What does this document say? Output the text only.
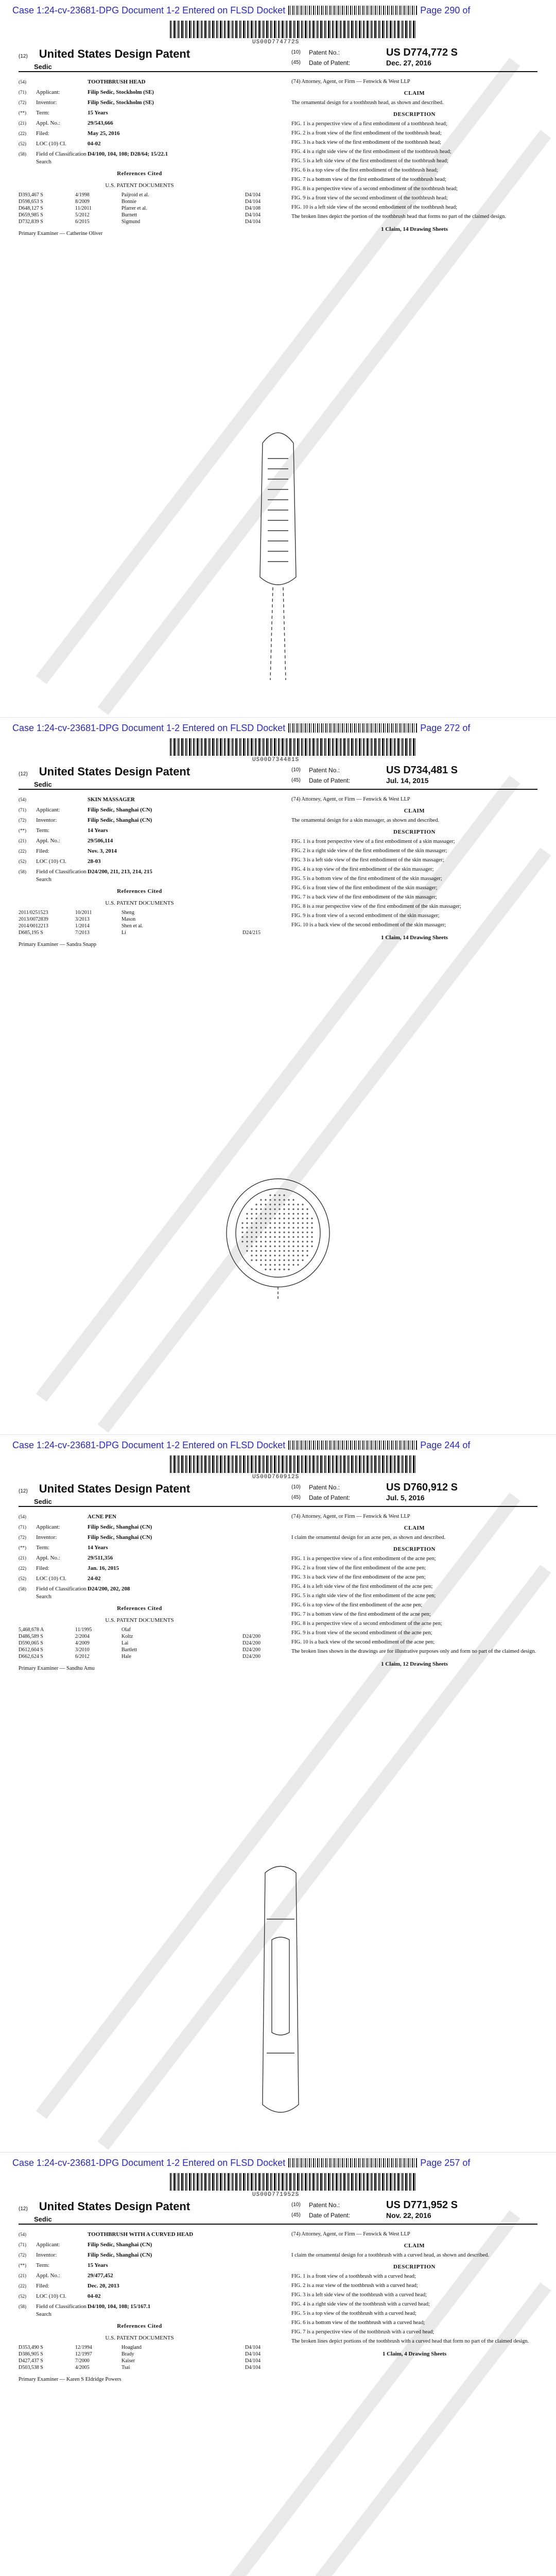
Case 1:24-cv-23681-DPG Document 1-2 Entered on FLSD Docket	Page 290 of
US00D774772S
(12) United States Design Patent
Sedic
(10)	Patent No.:	US D774,772 S
(45)	Date of Patent:	Dec. 27, 2016
(54)	TOOTHBRUSH HEAD
(71)	Applicant:	Filip Sedic, Stockholm (SE)
(72)	Inventor:	Filip Sedic, Stockholm (SE)
(**)	Term:	15 Years
(21)	Appl. No.:	29/543,666
(22)	Filed:	May 25, 2016
(52)	LOC (10) Cl.	04-02
(58)	Field of Classification Search
D4/100, 104, 108; D28/64; 15/22.1
References Cited
U.S. PATENT DOCUMENTS
D393,467 S	4/1998	Paijroid et al.	D4/104
D598,653 S	8/2009	Bonnie	D4/104
D648,127 S	11/2011	Pfarrer et al.	D4/108
D659,985 S	5/2012	Burnett	D4/104
D732,839 S	6/2015	Sigmund	D4/104
Primary Examiner — Catherine Oliver
(74) Attorney, Agent, or Firm — Fenwick & West LLP
CLAIM
The ornamental design for a toothbrush head, as shown and described.
DESCRIPTION
FIG. 1 is a perspective view of a first embodiment of a toothbrush head;
FIG. 2 is a front view of the first embodiment of the toothbrush head;
FIG. 3 is a back view of the first embodiment of the toothbrush head;
FIG. 4 is a right side view of the first embodiment of the toothbrush head;
FIG. 5 is a left side view of the first embodiment of the toothbrush head;
FIG. 6 is a top view of the first embodiment of the toothbrush head;
FIG. 7 is a bottom view of the first embodiment of the toothbrush head;
FIG. 8 is a perspective view of a second embodiment of the toothbrush head;
FIG. 9 is a front view of the second embodiment of the toothbrush head;
FIG. 10 is a left side view of the second embodiment of the toothbrush head;
The broken lines depict the portion of the toothbrush head that forms no part of the claimed design.
1 Claim, 14 Drawing Sheets
Case 1:24-cv-23681-DPG Document 1-2 Entered on FLSD Docket	Page 272 of
US00D734481S
(12) United States Design Patent
Sedic
(10)	Patent No.:	US D734,481 S
(45)	Date of Patent:	Jul. 14, 2015
(54)	SKIN MASSAGER
(71)	Applicant:	Filip Sedic, Shanghai (CN)
(72)	Inventor:	Filip Sedic, Shanghai (CN)
(**)	Term:	14 Years
(21)	Appl. No.:	29/506,114
(22)	Filed:	Nov. 3, 2014
(52)	LOC (10) Cl.	28-03
(58)	Field of Classification Search
D24/200, 211, 213, 214, 215
References Cited
U.S. PATENT DOCUMENTS
2011/0251523	10/2011	Sheng
2013/0072839	3/2013	Mason
2014/0012213	1/2014	Shen et al.
D685,195 S	7/2013	Li	D24/215
Primary Examiner — Sandra Snapp
(74) Attorney, Agent, or Firm — Fenwick & West LLP
CLAIM
The ornamental design for a skin massager, as shown and described.
DESCRIPTION
FIG. 1 is a front perspective view of a first embodiment of a skin massager;
FIG. 2 is a right side view of the first embodiment of the skin massager;
FIG. 3 is a left side view of the first embodiment of the skin massager;
FIG. 4 is a top view of the first embodiment of the skin massager;
FIG. 5 is a bottom view of the first embodiment of the skin massager;
FIG. 6 is a front view of the first embodiment of the skin massager;
FIG. 7 is a back view of the first embodiment of the skin massager;
FIG. 8 is a rear perspective view of the first embodiment of the skin massager;
FIG. 9 is a front view of a second embodiment of the skin massager;
FIG. 10 is a back view of the second embodiment of the skin massager;
1 Claim, 14 Drawing Sheets
Case 1:24-cv-23681-DPG Document 1-2 Entered on FLSD Docket	Page 244 of
US00D760912S
(12) United States Design Patent
Sedic
(10)	Patent No.:	US D760,912 S
(45)	Date of Patent:	Jul. 5, 2016
(54)	ACNE PEN
(71)	Applicant:	Filip Sedic, Shanghai (CN)
(72)	Inventor:	Filip Sedic, Shanghai (CN)
(**)	Term:	14 Years
(21)	Appl. No.:	29/511,356
(22)	Filed:	Jan. 16, 2015
(52)	LOC (10) Cl.	24-02
(58)	Field of Classification Search
D24/200, 202, 208
References Cited
U.S. PATENT DOCUMENTS
5,468,678 A	11/1995	Olaf
D486,589 S	2/2004	Koltz	D24/200
D590,065 S	4/2009	Lai	D24/200
D612,604 S	3/2010	Bartlett	D24/200
D662,624 S	6/2012	Hale	D24/200
Primary Examiner — Sandhu Amu
(74) Attorney, Agent, or Firm — Fenwick & West LLP
CLAIM
I claim the ornamental design for an acne pen, as shown and described.
DESCRIPTION
FIG. 1 is a perspective view of a first embodiment of the acne pen;
FIG. 2 is a front view of the first embodiment of the acne pen;
FIG. 3 is a back view of the first embodiment of the acne pen;
FIG. 4 is a left side view of the first embodiment of the acne pen;
FIG. 5 is a right side view of the first embodiment of the acne pen;
FIG. 6 is a top view of the first embodiment of the acne pen;
FIG. 7 is a bottom view of the first embodiment of the acne pen;
FIG. 8 is a perspective view of a second embodiment of the acne pen;
FIG. 9 is a front view of the second embodiment of the acne pen;
FIG. 10 is a back view of the second embodiment of the acne pen;
The broken lines shown in the drawings are for illustrative purposes only and form no part of the claimed design.
1 Claim, 12 Drawing Sheets
Case 1:24-cv-23681-DPG Document 1-2 Entered on FLSD Docket	Page 257 of
US00D771952S
(12) United States Design Patent
Sedic
(10)	Patent No.:	US D771,952 S
(45)	Date of Patent:	Nov. 22, 2016
(54)	TOOTHBRUSH WITH A CURVED HEAD
(71)	Applicant:	Filip Sedic, Shanghai (CN)
(72)	Inventor:	Filip Sedic, Shanghai (CN)
(**)	Term:	15 Years
(21)	Appl. No.:	29/477,452
(22)	Filed:	Dec. 20, 2013
(52)	LOC (10) Cl.	04-02
(58)	Field of Classification Search
D4/100, 104, 108; 15/167.1
References Cited
U.S. PATENT DOCUMENTS
D353,490 S	12/1994	Hoagland	D4/104
D386,905 S	12/1997	Brady	D4/104
D427,437 S	7/2000	Kaiser	D4/104
D503,538 S	4/2005	Tsai	D4/104
Primary Examiner — Karen S Eldridge Powers
(74) Attorney, Agent, or Firm — Fenwick & West LLP
CLAIM
I claim the ornamental design for a toothbrush with a curved head, as shown and described.
DESCRIPTION
FIG. 1 is a front view of a toothbrush with a curved head;
FIG. 2 is a rear view of the toothbrush with a curved head;
FIG. 3 is a left side view of the toothbrush with a curved head;
FIG. 4 is a right side view of the toothbrush with a curved head;
FIG. 5 is a top view of the toothbrush with a curved head;
FIG. 6 is a bottom view of the toothbrush with a curved head;
FIG. 7 is a perspective view of the toothbrush with a curved head;
The broken lines depict portions of the toothbrush with a curved head that form no part of the claimed design.
1 Claim, 4 Drawing Sheets
